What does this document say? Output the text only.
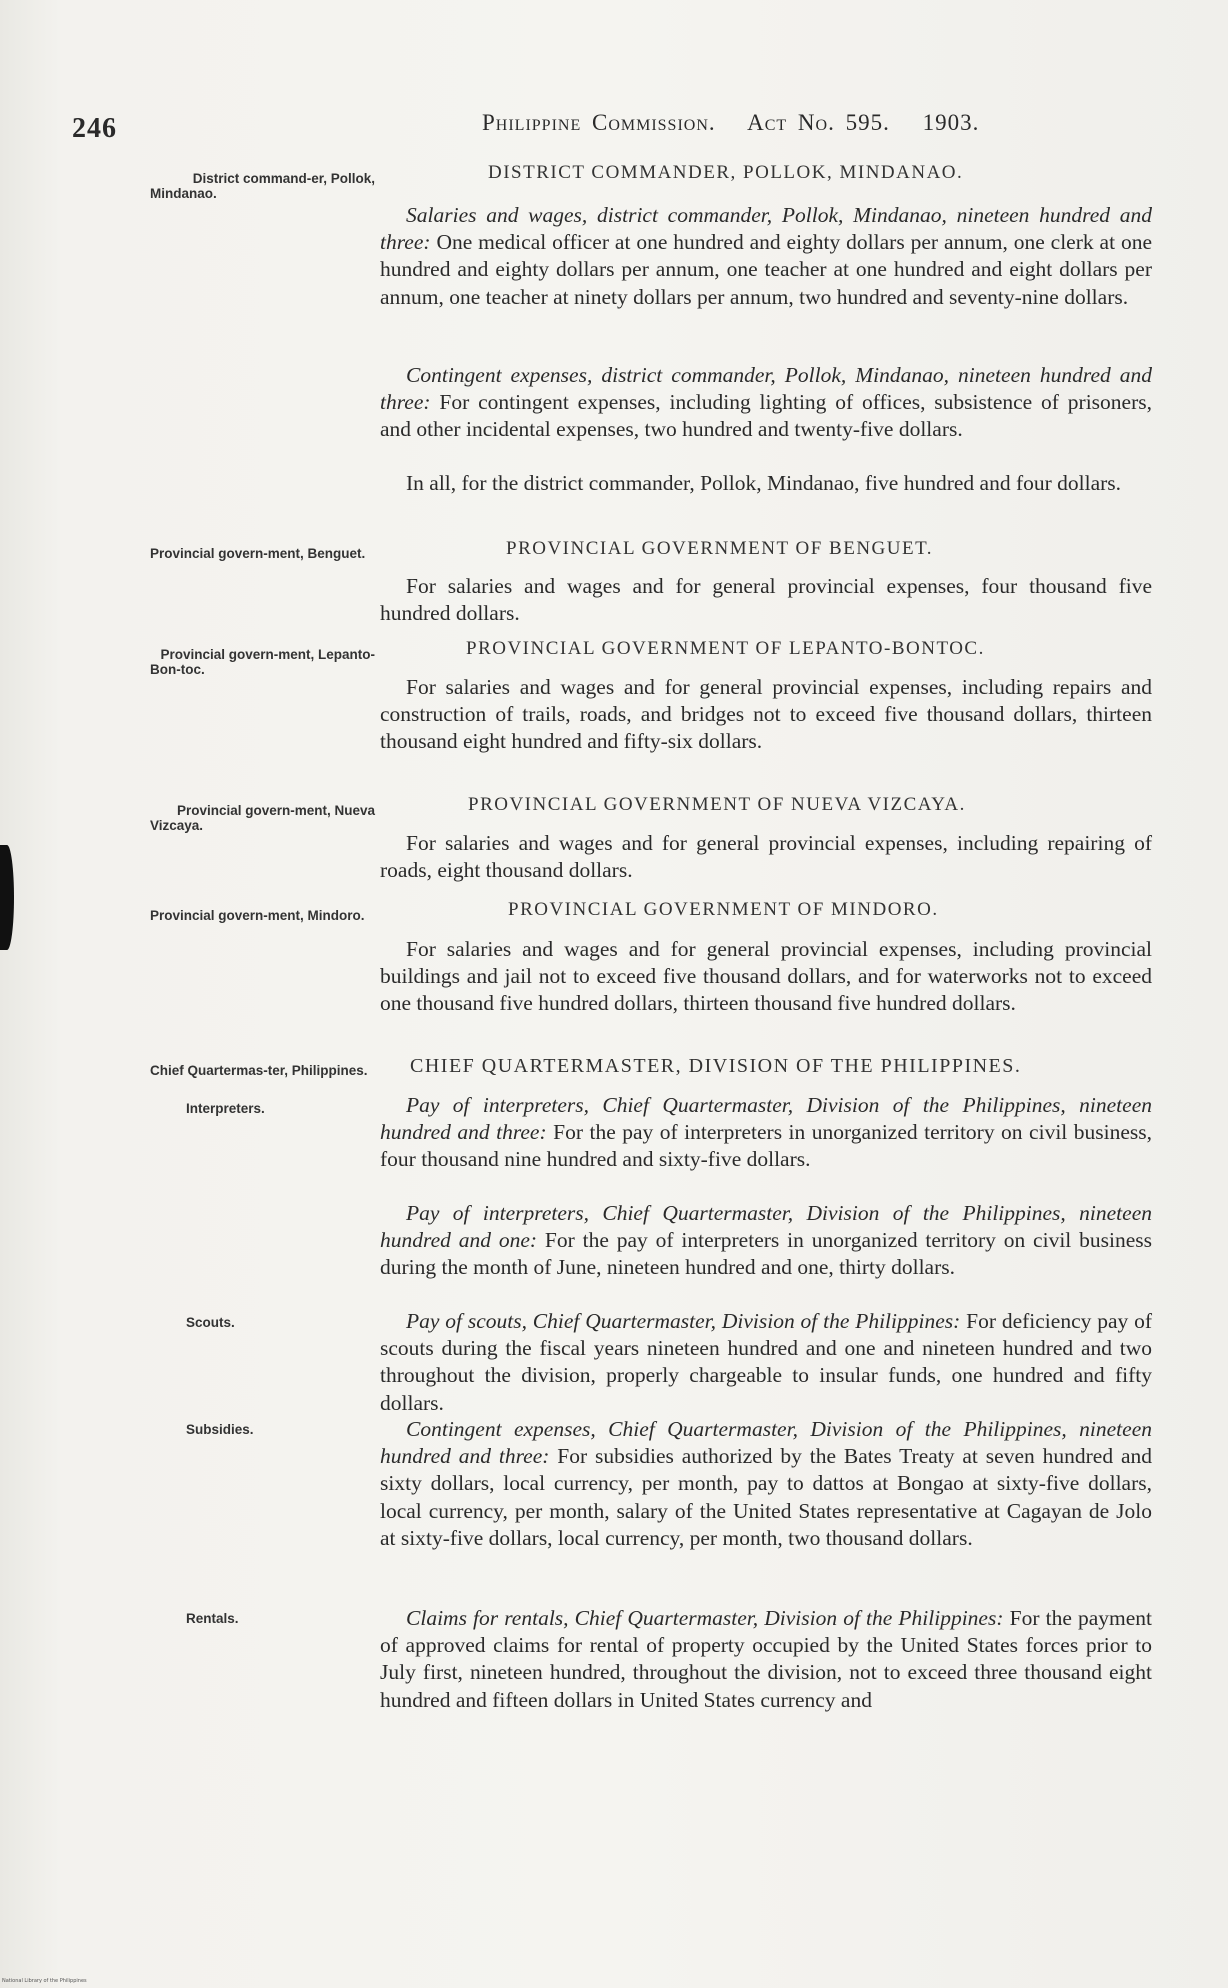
246	Philippine Commission. Act No. 595. 1903.
District command-er, Pollok, Mindanao.
DISTRICT COMMANDER, POLLOK, MINDANAO.
Salaries and wages, district commander, Pollok, Mindanao, nineteen hundred and three: One medical officer at one hundred and eighty dollars per annum, one clerk at one hundred and eighty dollars per annum, one teacher at one hundred and eight dollars per annum, one teacher at ninety dollars per annum, two hundred and seventy-nine dollars.
Contingent expenses, district commander, Pollok, Mindanao, nineteen hundred and three: For contingent expenses, including lighting of offices, subsistence of prisoners, and other incidental expenses, two hundred and twenty-five dollars.
In all, for the district commander, Pollok, Mindanao, five hundred and four dollars.
Provincial govern-ment, Benguet.	PROVINCIAL GOVERNMENT OF BENGUET.
For salaries and wages and for general provincial expenses, four thousand five hundred dollars.
Provincial govern-ment, Lepanto-Bon-toc.
PROVINCIAL GOVERNMENT OF LEPANTO-BONTOC.
For salaries and wages and for general provincial expenses, including repairs and construction of trails, roads, and bridges not to exceed five thousand dollars, thirteen thousand eight hundred and fifty-six dollars.
Provincial govern-ment, Nueva Vizcaya.
PROVINCIAL GOVERNMENT OF NUEVA VIZCAYA.
For salaries and wages and for general provincial expenses, including repairing of roads, eight thousand dollars.
Provincial govern-ment, Mindoro.	PROVINCIAL GOVERNMENT OF MINDORO.
For salaries and wages and for general provincial expenses, including provincial buildings and jail not to exceed five thousand dollars, and for waterworks not to exceed one thousand five hundred dollars, thirteen thousand five hundred dollars.
Chief Quartermas-ter, Philippines.	CHIEF QUARTERMASTER, DIVISION OF THE PHILIPPINES.
Interpreters.	Pay of interpreters, Chief Quartermaster, Division of the Philippines, nineteen hundred and three: For the pay of interpreters in unorganized territory on civil business, four thousand nine hundred and sixty-five dollars.
Pay of interpreters, Chief Quartermaster, Division of the Philippines, nineteen hundred and one: For the pay of interpreters in unorganized territory on civil business during the month of June, nineteen hundred and one, thirty dollars.
Scouts.	Pay of scouts, Chief Quartermaster, Division of the Philippines: For deficiency pay of scouts during the fiscal years nineteen hundred and one and nineteen hundred and two throughout the division, properly chargeable to insular funds, one hundred and fifty dollars.
Subsidies.	Contingent expenses, Chief Quartermaster, Division of the Philippines, nineteen hundred and three: For subsidies authorized by the Bates Treaty at seven hundred and sixty dollars, local currency, per month, pay to dattos at Bongao at sixty-five dollars, local currency, per month, salary of the United States representative at Cagayan de Jolo at sixty-five dollars, local currency, per month, two thousand dollars.
Rentals.	Claims for rentals, Chief Quartermaster, Division of the Philippines: For the payment of approved claims for rental of property occupied by the United States forces prior to July first, nineteen hundred, throughout the division, not to exceed three thousand eight hundred and fifteen dollars in United States currency and
National Library of the Philippines
